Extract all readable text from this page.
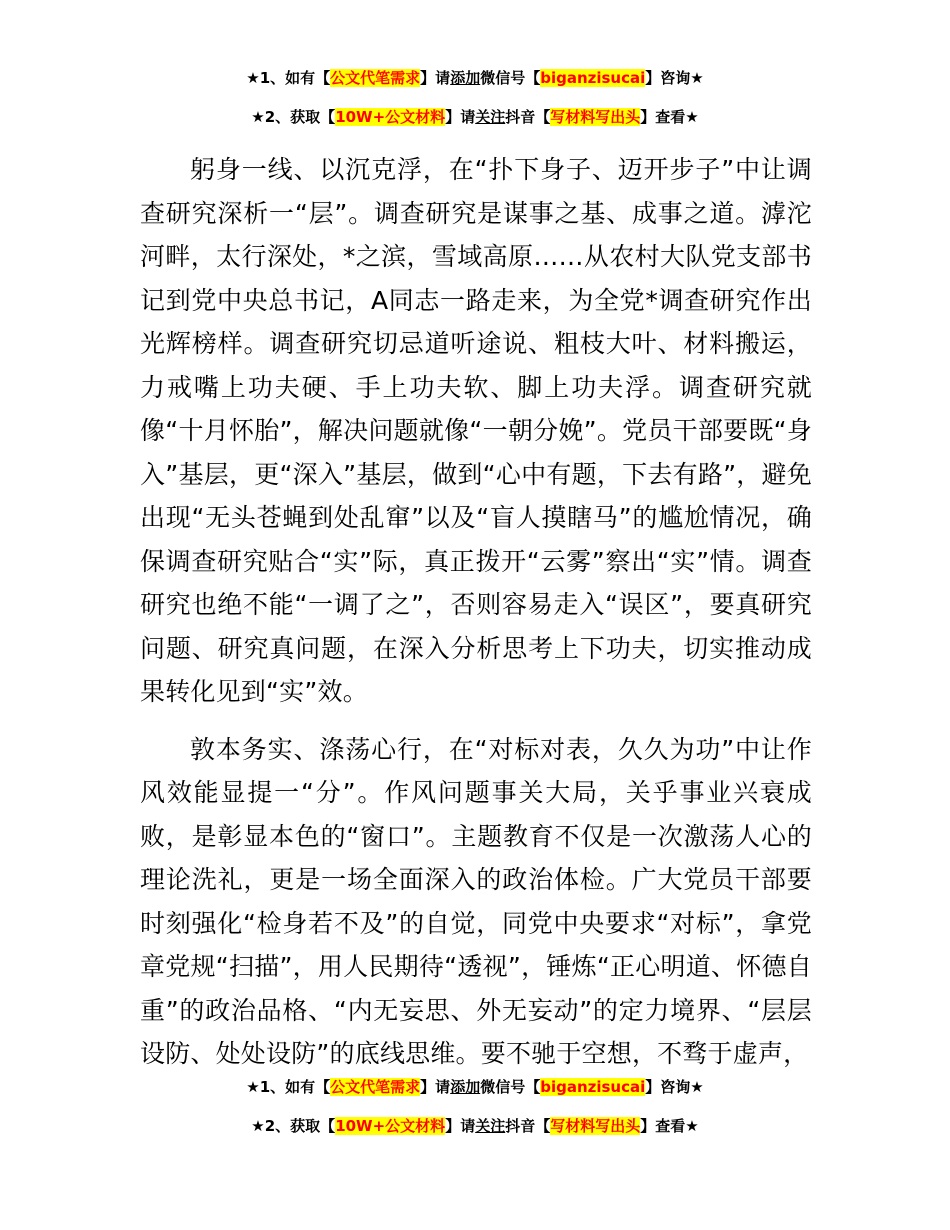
★1、如有【公文代笔需求】请添加微信号【biganzisucai】咨询★
★2、获取【10W+公文材料】请关注抖音【写材料写出头】查看★

躬身一线、以沉克浮，在“扑下身子、迈开步子”中让调查研究深析一“层”。调查研究是谋事之基、成事之道。滹沱河畔，太行深处，*之滨，雪域高原……从农村大队党支部书记到党中央总书记，A同志一路走来，为全党*调查研究作出光辉榜样。调查研究切忌道听途说、粗枝大叶、材料搬运，力戒嘴上功夫硬、手上功夫软、脚上功夫浮。调查研究就像“十月怀胎”，解决问题就像“一朝分娩”。党员干部要既“身入”基层，更“深入”基层，做到“心中有题，下去有路”，避免出现“无头苍蝇到处乱窜”以及“盲人摸瞎马”的尴尬情况，确保调查研究贴合“实”际，真正拨开“云雾”察出“实”情。调查研究也绝不能“一调了之”，否则容易走入“误区”，要真研究问题、研究真问题，在深入分析思考上下功夫，切实推动成果转化见到“实”效。

敦本务实、涤荡心行，在“对标对表，久久为功”中让作风效能显提一“分”。作风问题事关大局，关乎事业兴衰成败，是彰显本色的“窗口”。主题教育不仅是一次激荡人心的理论洗礼，更是一场全面深入的政治体检。广大党员干部要时刻强化“检身若不及”的自觉，同党中央要求“对标”，拿党章党规“扫描”，用人民期待“透视”，锤炼“正心明道、怀德自重”的政治品格、“内无妄思、外无妄动”的定力境界、“层层设防、处处设防”的底线思维。要不驰于空想，不骛于虚声，

★1、如有【公文代笔需求】请添加微信号【biganzisucai】咨询★
★2、获取【10W+公文材料】请关注抖音【写材料写出头】查看★
